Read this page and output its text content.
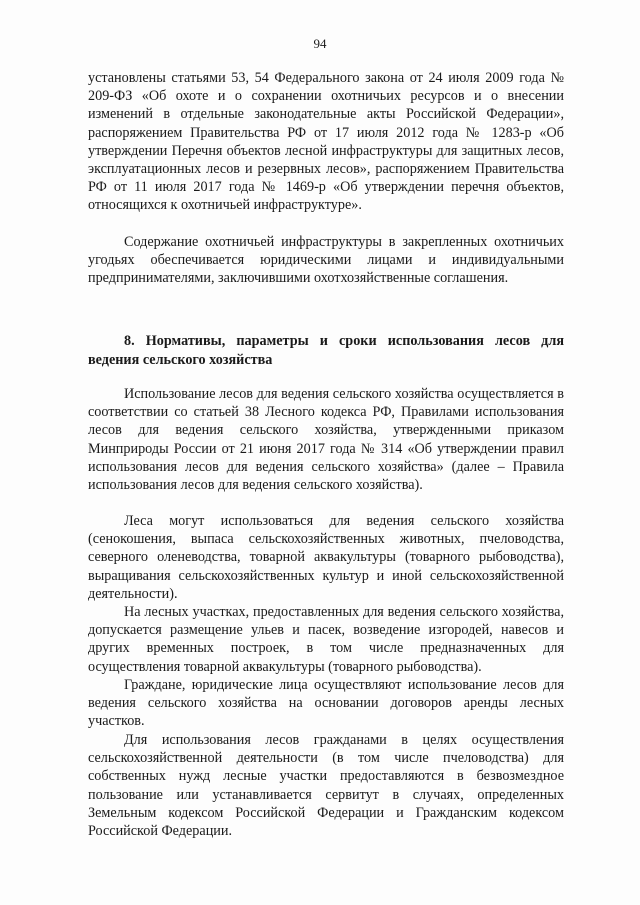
94

установлены статьями 53, 54 Федерального закона от 24 июля 2009 года № 209-ФЗ «Об охоте и о сохранении охотничьих ресурсов и о внесении изменений в отдельные законодательные акты Российской Федерации», распоряжением Правительства РФ от 17 июля 2012 года № 1283-р «Об утверждении Перечня объектов лесной инфраструктуры для защитных лесов, эксплуатационных лесов и резервных лесов», распоряжением Правительства РФ от 11 июля 2017 года № 1469-р «Об утверждении перечня объектов, относящихся к охотничьей инфраструктуре».

Содержание охотничьей инфраструктуры в закрепленных охотничьих угодьях обеспечивается юридическими лицами и индивидуальными предпринимателями, заключившими охотхозяйственные соглашения.

8. Нормативы, параметры и сроки использования лесов для ведения сельского хозяйства

Использование лесов для ведения сельского хозяйства осуществляется в соответствии со статьей 38 Лесного кодекса РФ, Правилами использования лесов для ведения сельского хозяйства, утвержденными приказом Минприроды России от 21 июня 2017 года № 314 «Об утверждении правил использования лесов для ведения сельского хозяйства» (далее – Правила использования лесов для ведения сельского хозяйства).

Леса могут использоваться для ведения сельского хозяйства (сенокошения, выпаса сельскохозяйственных животных, пчеловодства, северного оленеводства, товарной аквакультуры (товарного рыбоводства), выращивания сельскохозяйственных культур и иной сельскохозяйственной деятельности).

На лесных участках, предоставленных для ведения сельского хозяйства, допускается размещение ульев и пасек, возведение изгородей, навесов и других временных построек, в том числе предназначенных для осуществления товарной аквакультуры (товарного рыбоводства).

Граждане, юридические лица осуществляют использование лесов для ведения сельского хозяйства на основании договоров аренды лесных участков.

Для использования лесов гражданами в целях осуществления сельскохозяйственной деятельности (в том числе пчеловодства) для собственных нужд лесные участки предоставляются в безвозмездное пользование или устанавливается сервитут в случаях, определенных Земельным кодексом Российской Федерации и Гражданским кодексом Российской Федерации.
